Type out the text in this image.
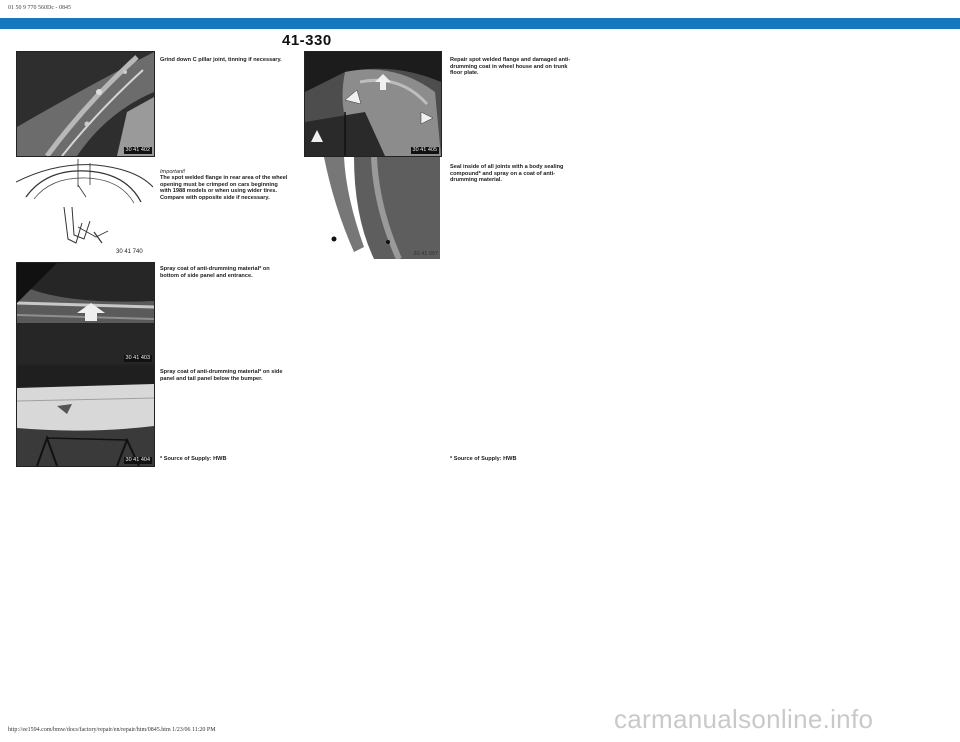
01 50 9 770 560Dc - 0845
41-330
30 41 402
Grind down C pillar joint, tinning if necessary.
30 41 740

Important!
The spot welded flange in rear area of the wheel opening must be crimped on cars beginning with 1988 models or when using wider tires.
Compare with opposite side if necessary.

30 41 403
Spray coat of anti-drumming material* on bottom of side panel and entrance.
30 41 404
Spray coat of anti-drumming material* on side panel and tail panel below the bumper.
* Source of Supply: HWB
30 41 405
Repair spot welded flange and damaged anti-drumming coat in wheel house and on trunk floor plate.
30 41 097
Seal inside of all joints with a body sealing compound* and spray on a coat of anti-drumming material.
* Source of Supply: HWB
http://ee1594.com/bmw/docs/factory/repair/en/repair/htm/0845.htm 1/23/06 11:20 PM	carmanualsonline.info
